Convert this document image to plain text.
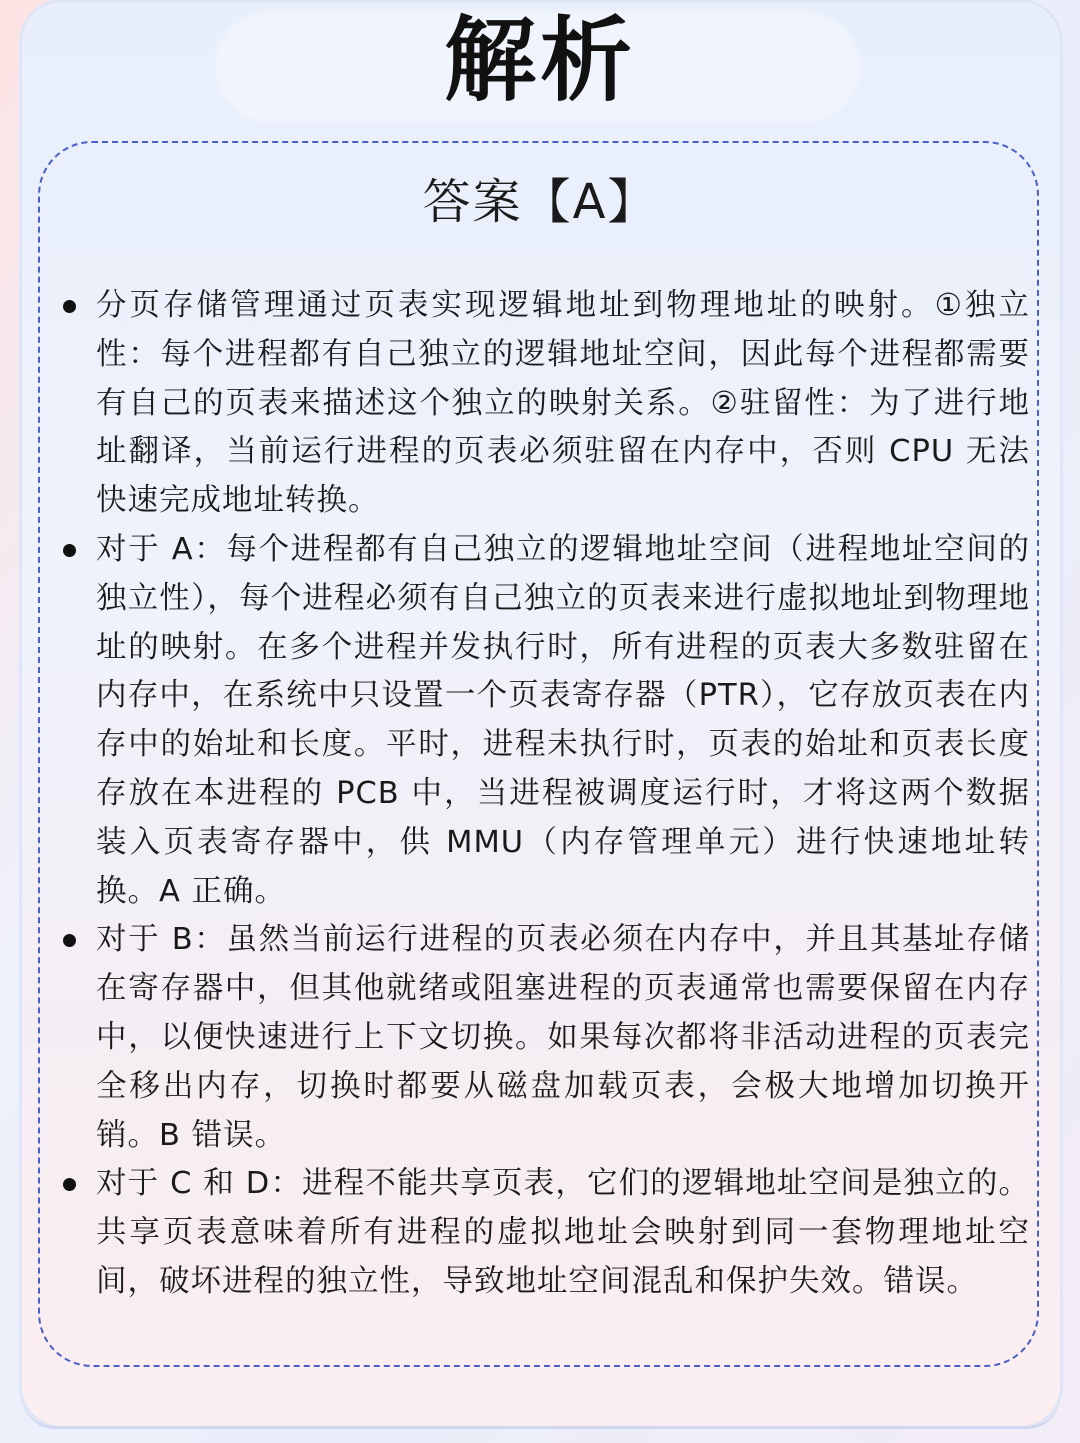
解析
答案【A】
分页存储管理通过页表实现逻辑地址到物理地址的映射。①独立性：每个进程都有自己独立的逻辑地址空间，因此每个进程都需要有自己的页表来描述这个独立的映射关系。②驻留性：为了进行地址翻译，当前运行进程的页表必须驻留在内存中，否则 CPU 无法快速完成地址转换。
对于 A：每个进程都有自己独立的逻辑地址空间（进程地址空间的独立性），每个进程必须有自己独立的页表来进行虚拟地址到物理地址的映射。在多个进程并发执行时，所有进程的页表大多数驻留在内存中，在系统中只设置一个页表寄存器（PTR），它存放页表在内存中的始址和长度。平时，进程未执行时，页表的始址和页表长度存放在本进程的 PCB 中，当进程被调度运行时，才将这两个数据装入页表寄存器中，供 MMU（内存管理单元）进行快速地址转换。A 正确。
对于 B：虽然当前运行进程的页表必须在内存中，并且其基址存储在寄存器中，但其他就绪或阻塞进程的页表通常也需要保留在内存中，以便快速进行上下文切换。如果每次都将非活动进程的页表完全移出内存，切换时都要从磁盘加载页表，会极大地增加切换开销。B 错误。
对于 C 和 D：进程不能共享页表，它们的逻辑地址空间是独立的。共享页表意味着所有进程的虚拟地址会映射到同一套物理地址空间，破坏进程的独立性，导致地址空间混乱和保护失效。错误。
